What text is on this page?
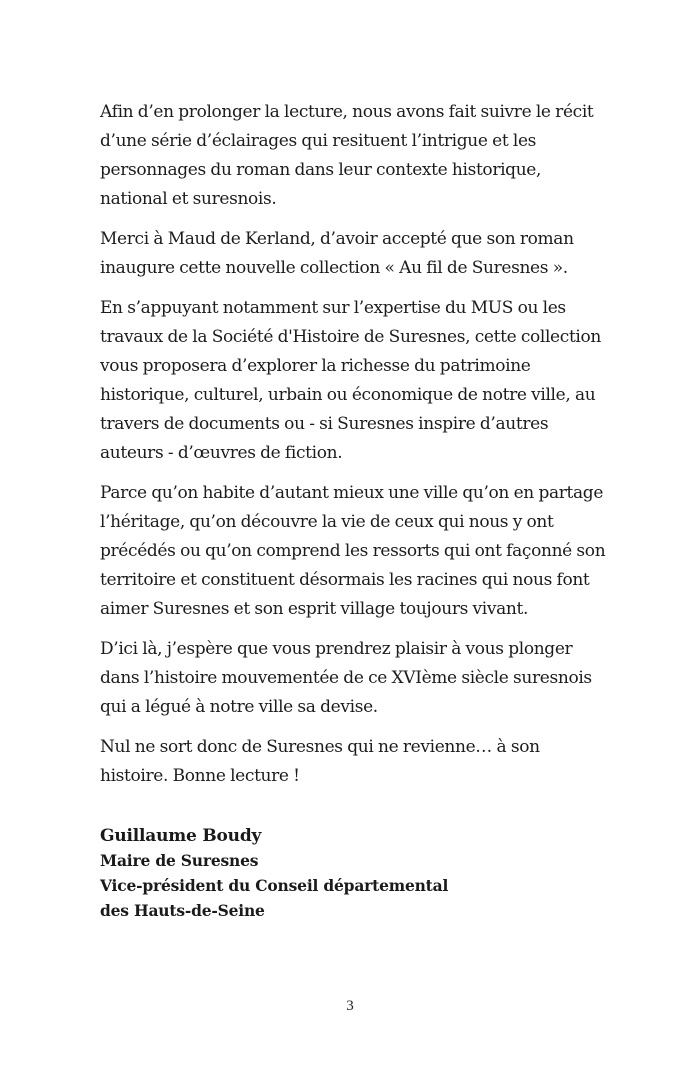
Afin d’en prolonger la lecture, nous avons fait suivre le récit d’une série d’éclairages qui resituent l’intrigue et les personnages du roman dans leur contexte historique, national et suresnois.

Merci à Maud de Kerland, d’avoir accepté que son roman inaugure cette nouvelle collection « Au fil de Suresnes ».

En s’appuyant notamment sur l’expertise du MUS ou les travaux de la Société d'Histoire de Suresnes, cette collection vous proposera d’explorer la richesse du patrimoine historique, culturel, urbain ou économique de notre ville, au travers de documents ou - si Suresnes inspire d’autres auteurs - d’œuvres de fiction.

Parce qu’on habite d’autant mieux une ville qu’on en partage l’héritage, qu’on découvre la vie de ceux qui nous y ont précédés ou qu’on comprend les ressorts qui ont façonné son territoire et constituent désormais les racines qui nous font aimer Suresnes et son esprit village toujours vivant.

D’ici là, j’espère que vous prendrez plaisir à vous plonger dans l’histoire mouvementée de ce XVIème siècle suresnois qui a légué à notre ville sa devise.

Nul ne sort donc de Suresnes qui ne revienne… à son histoire. Bonne lecture !

Guillaume Boudy

Maire de Suresnes

Vice-président du Conseil départemental

des Hauts-de-Seine

3
